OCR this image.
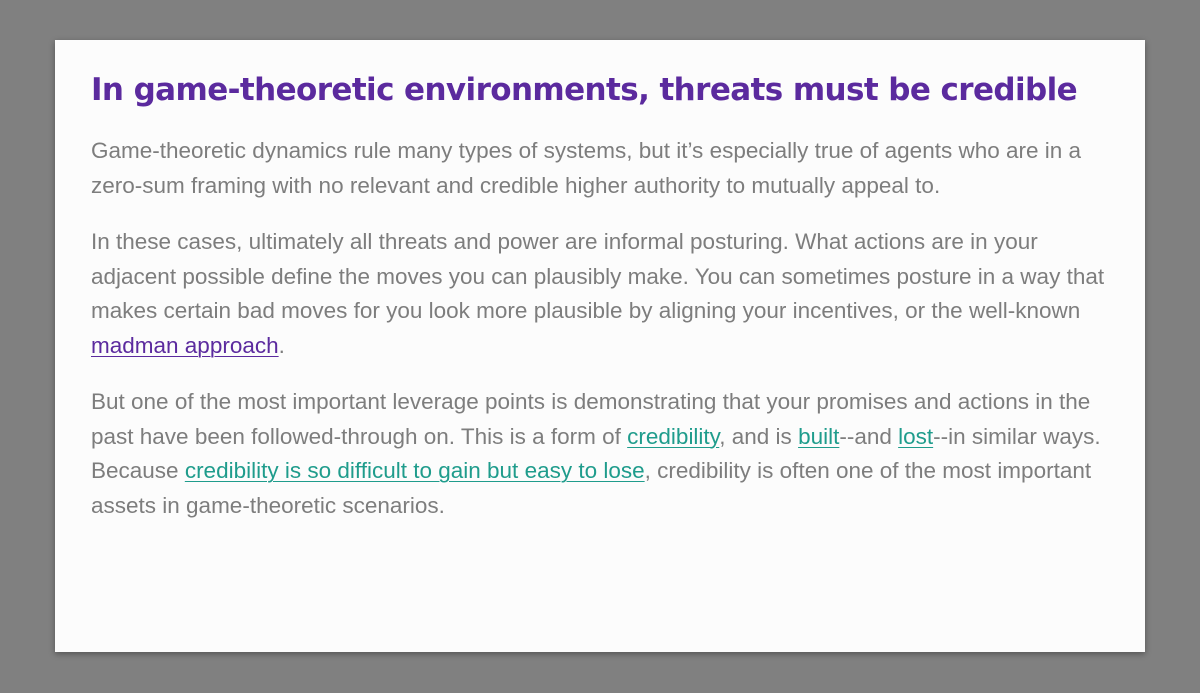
In game-theoretic environments, threats must be credible

Game-theoretic dynamics rule many types of systems, but it’s especially true of agents who are in a zero-sum framing with no relevant and credible higher authority to mutually appeal to.

In these cases, ultimately all threats and power are informal posturing. What actions are in your adjacent possible define the moves you can plausibly make. You can sometimes posture in a way that makes certain bad moves for you look more plausible by aligning your incentives, or the well-known madman approach.

But one of the most important leverage points is demonstrating that your promises and actions in the past have been followed-through on. This is a form of credibility, and is built--and lost--in similar ways. Because credibility is so difficult to gain but easy to lose, credibility is often one of the most important assets in game-theoretic scenarios.
